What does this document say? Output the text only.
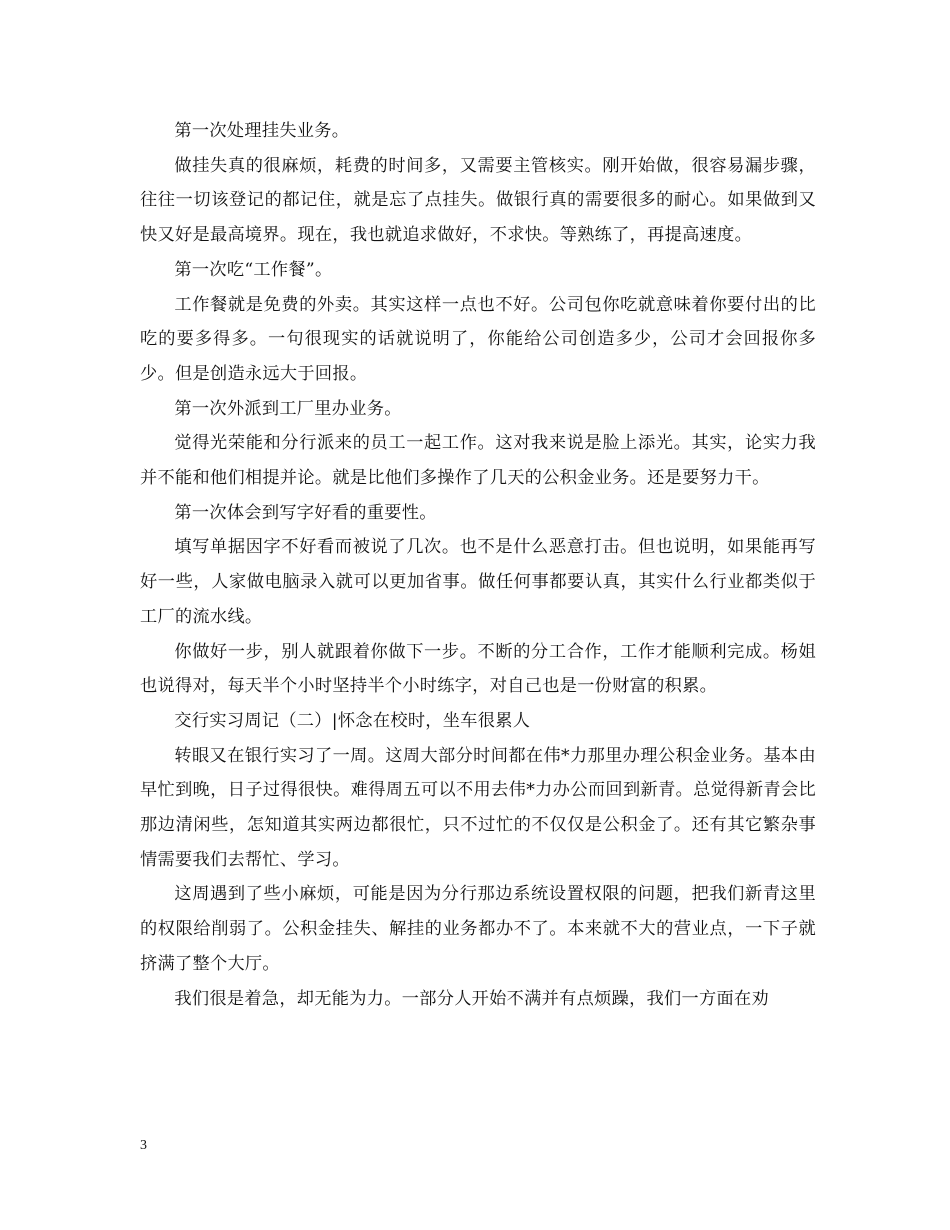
第一次处理挂失业务。

做挂失真的很麻烦，耗费的时间多，又需要主管核实。刚开始做，很容易漏步骤，往往一切该登记的都记住，就是忘了点挂失。做银行真的需要很多的耐心。如果做到又快又好是最高境界。现在，我也就追求做好，不求快。等熟练了，再提高速度。

第一次吃“工作餐”。

工作餐就是免费的外卖。其实这样一点也不好。公司包你吃就意味着你要付出的比吃的要多得多。一句很现实的话就说明了，你能给公司创造多少，公司才会回报你多少。但是创造永远大于回报。

第一次外派到工厂里办业务。

觉得光荣能和分行派来的员工一起工作。这对我来说是脸上添光。其实，论实力我并不能和他们相提并论。就是比他们多操作了几天的公积金业务。还是要努力干。

第一次体会到写字好看的重要性。

填写单据因字不好看而被说了几次。也不是什么恶意打击。但也说明，如果能再写好一些，人家做电脑录入就可以更加省事。做任何事都要认真，其实什么行业都类似于工厂的流水线。

你做好一步，别人就跟着你做下一步。不断的分工合作，工作才能顺利完成。杨姐也说得对，每天半个小时坚持半个小时练字，对自己也是一份财富的积累。

交行实习周记（二）|怀念在校时，坐车很累人

转眼又在银行实习了一周。这周大部分时间都在伟*力那里办理公积金业务。基本由早忙到晚，日子过得很快。难得周五可以不用去伟*力办公而回到新青。总觉得新青会比那边清闲些，怎知道其实两边都很忙，只不过忙的不仅仅是公积金了。还有其它繁杂事情需要我们去帮忙、学习。

这周遇到了些小麻烦，可能是因为分行那边系统设置权限的问题，把我们新青这里的权限给削弱了。公积金挂失、解挂的业务都办不了。本来就不大的营业点，一下子就挤满了整个大厅。

我们很是着急，却无能为力。一部分人开始不满并有点烦躁，我们一方面在劝

3
